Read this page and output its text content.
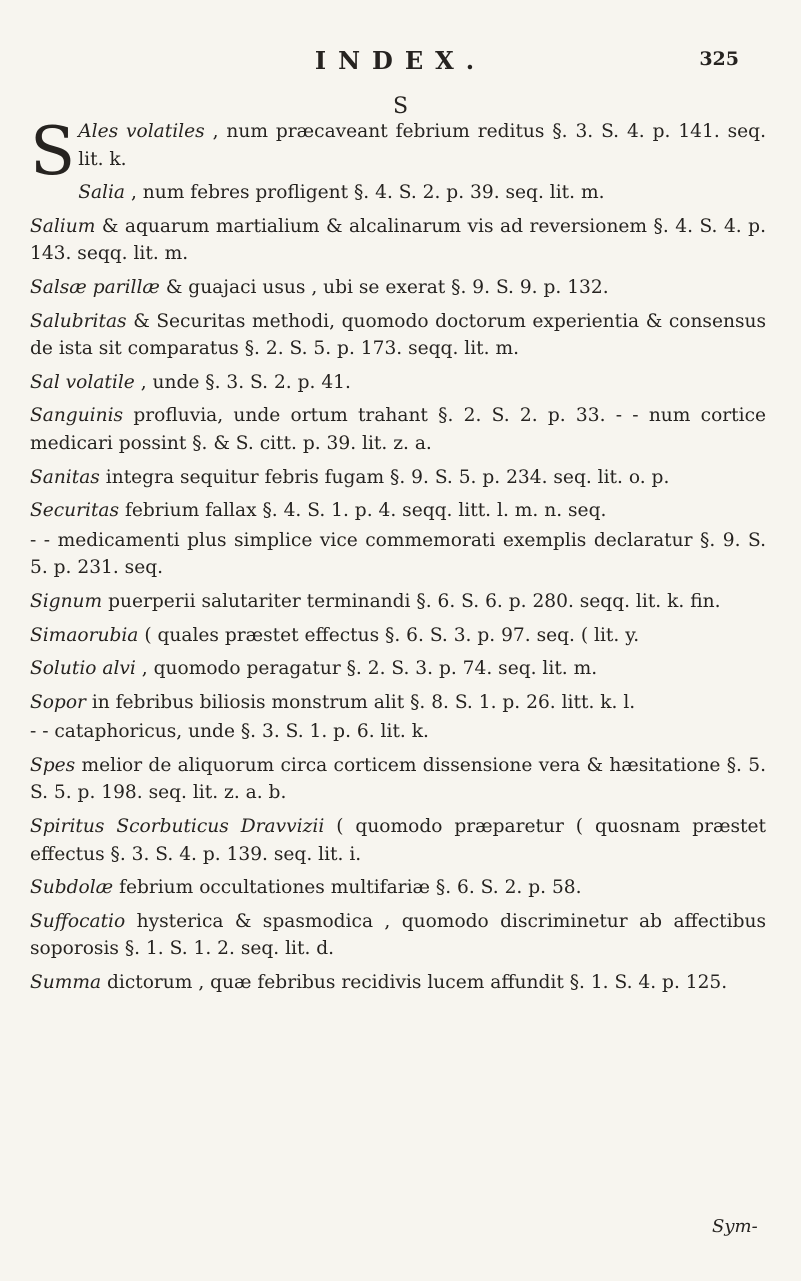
INDEX.	325
S

S Ales volatiles , num prӕcaveant febrium reditus §. 3. S. 4. p. 141. seq. lit. k.

Salia , num febres profligent §. 4. S. 2. p. 39. seq. lit. m.

Salium & aquarum martialium & alcalinarum vis ad reversionem §. 4. S. 4. p. 143. seqq. lit. m.

Salsӕ parillӕ & guajaci usus , ubi se exerat §. 9. S. 9. p. 132.

Salubritas & Securitas methodi, quomodo doctorum experientia & consensus de ista sit comparatus §. 2. S. 5. p. 173. seqq. lit. m.

Sal volatile , unde §. 3. S. 2. p. 41.

Sanguinis profluvia, unde ortum trahant §. 2. S. 2. p. 33. - - num cortice medicari possint §. & S. citt. p. 39. lit. z. a.

Sanitas integra sequitur febris fugam §. 9. S. 5. p. 234. seq. lit. o. p.

Securitas febrium fallax §. 4. S. 1. p. 4. seqq. litt. l. m. n. seq.

- - medicamenti plus simplice vice commemorati exemplis declaratur §. 9. S. 5. p. 231. seq.

Signum puerperii salutariter terminandi §. 6. S. 6. p. 280. seqq. lit. k. fin.

Simaorubia ( quales prӕstet effectus §. 6. S. 3. p. 97. seq. ( lit. y.

Solutio alvi , quomodo peragatur §. 2. S. 3. p. 74. seq. lit. m.

Sopor in febribus biliosis monstrum alit §. 8. S. 1. p. 26. litt. k. l.

- - cataphoricus, unde §. 3. S. 1. p. 6. lit. k.

Spes melior de aliquorum circa corticem dissensione vera & hӕsitatione §. 5. S. 5. p. 198. seq. lit. z. a. b.

Spiritus Scorbuticus Dravvizii ( quomodo prӕparetur ( quosnam prӕstet effectus §. 3. S. 4. p. 139. seq. lit. i.

Subdolӕ febrium occultationes multifariӕ §. 6. S. 2. p. 58.

Suffocatio hysterica & spasmodica , quomodo discriminetur ab affectibus soporosis §. 1. S. 1. 2. seq. lit. d.

Summa dictorum , quӕ febribus recidivis lucem affundit §. 1. S. 4. p. 125.

Sym-
